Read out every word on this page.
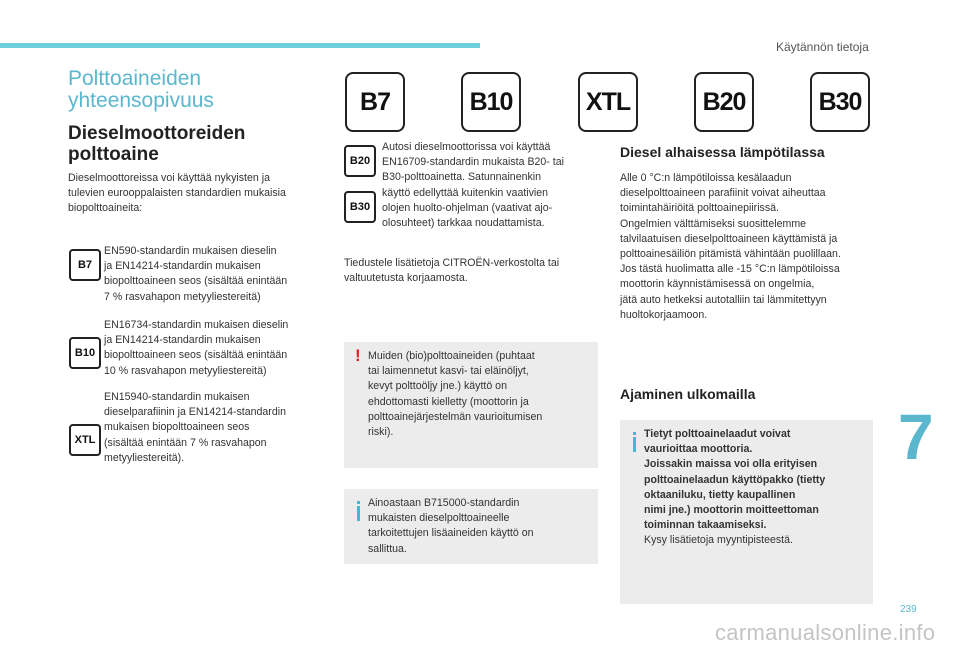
Käytännön tietoja
Polttoaineiden
yhteensopivuus
Dieselmoottoreiden
polttoaine
Dieselmoottoreissa voi käyttää nykyisten ja
tulevien eurooppalaisten standardien mukaisia
biopolttoaineita:
B7
EN590-standardin mukaisen dieselin
ja EN14214-standardin mukaisen
biopolttoaineen seos (sisältää enintään
7 % rasvahapon metyyliestereitä)
B10
EN16734-standardin mukaisen dieselin
ja EN14214-standardin mukaisen
biopolttoaineen seos (sisältää enintään
10 % rasvahapon metyyliestereitä)
XTL
EN15940-standardin mukaisen
dieselparafiinin ja EN14214-standardin
mukaisen biopolttoaineen seos
(sisältää enintään 7 % rasvahapon
metyyliestereitä).
B7	B10	XTL	B20	B30
B20
B30
Autosi dieselmoottorissa voi käyttää
EN16709-standardin mukaista B20- tai
B30-polttoainetta. Satunnainenkin
käyttö edellyttää kuitenkin vaativien
olojen huolto-ohjelman (vaativat ajo-
olosuhteet) tarkkaa noudattamista.
Tiedustele lisätietoja CITROËN-verkostolta tai
valtuutetusta korjaamosta.
! Muiden (bio)polttoaineiden (puhtaat
tai laimennetut kasvi- tai eläinöljyt,
kevyt polttoöljy jne.) käyttö on
ehdottomasti kielletty (moottorin ja
polttoainejärjestelmän vaurioitumisen
riski).
Ainoastaan B715000-standardin
mukaisten dieselpolttoaineelle
tarkoitettujen lisäaineiden käyttö on
sallittua.
Diesel alhaisessa lämpötilassa
Alle 0 °C:n lämpötiloissa kesälaadun
dieselpolttoaineen parafiinit voivat aiheuttaa
toimintahäiriöitä polttoainepiirissä.
Ongelmien välttämiseksi suosittelemme
talvilaatuisen dieselpolttoaineen käyttämistä ja
polttoainesäiliön pitämistä vähintään puolillaan.
Jos tästä huolimatta alle -15 °C:n lämpötiloissa
moottorin käynnistämisessä on ongelmia,
jätä auto hetkeksi autotalliin tai lämmitettyyn
huoltokorjaamoon.
Ajaminen ulkomailla
Tietyt polttoainelaadut voivat
vaurioittaa moottoria.
Joissakin maissa voi olla erityisen
polttoainelaadun käyttöpakko (tietty
oktaaniluku, tietty kaupallinen
nimi jne.) moottorin moitteettoman
toiminnan takaamiseksi.
Kysy lisätietoja myyntipisteestä.
7
239
carmanualsonline.info
